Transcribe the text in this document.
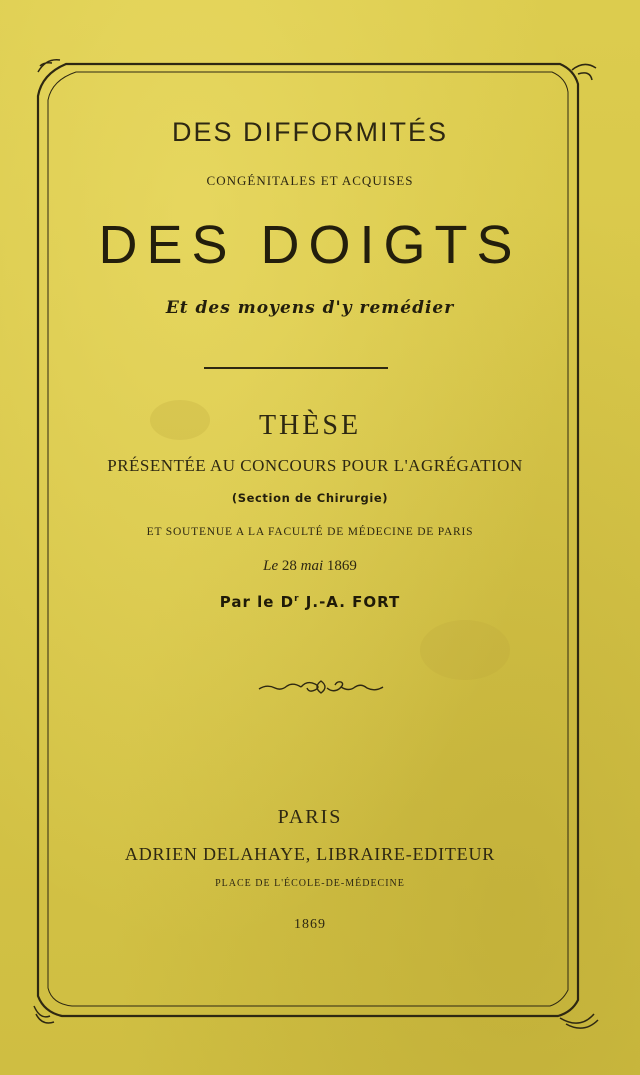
DES DIFFORMITÉS
CONGÉNITALES ET ACQUISES
DES DOIGTS
Et des moyens d'y remédier
THÈSE
PRÉSENTÉE AU CONCOURS POUR L'AGRÉGATION
(Section de Chirurgie)
ET SOUTENUE A LA FACULTÉ DE MÉDECINE DE PARIS
Le 28 mai 1869
Par le $D^r$ J.-A. FORT
PARIS
ADRIEN DELAHAYE, LIBRAIRE-EDITEUR
PLACE DE L'ÉCOLE-DE-MÉDECINE
1869
